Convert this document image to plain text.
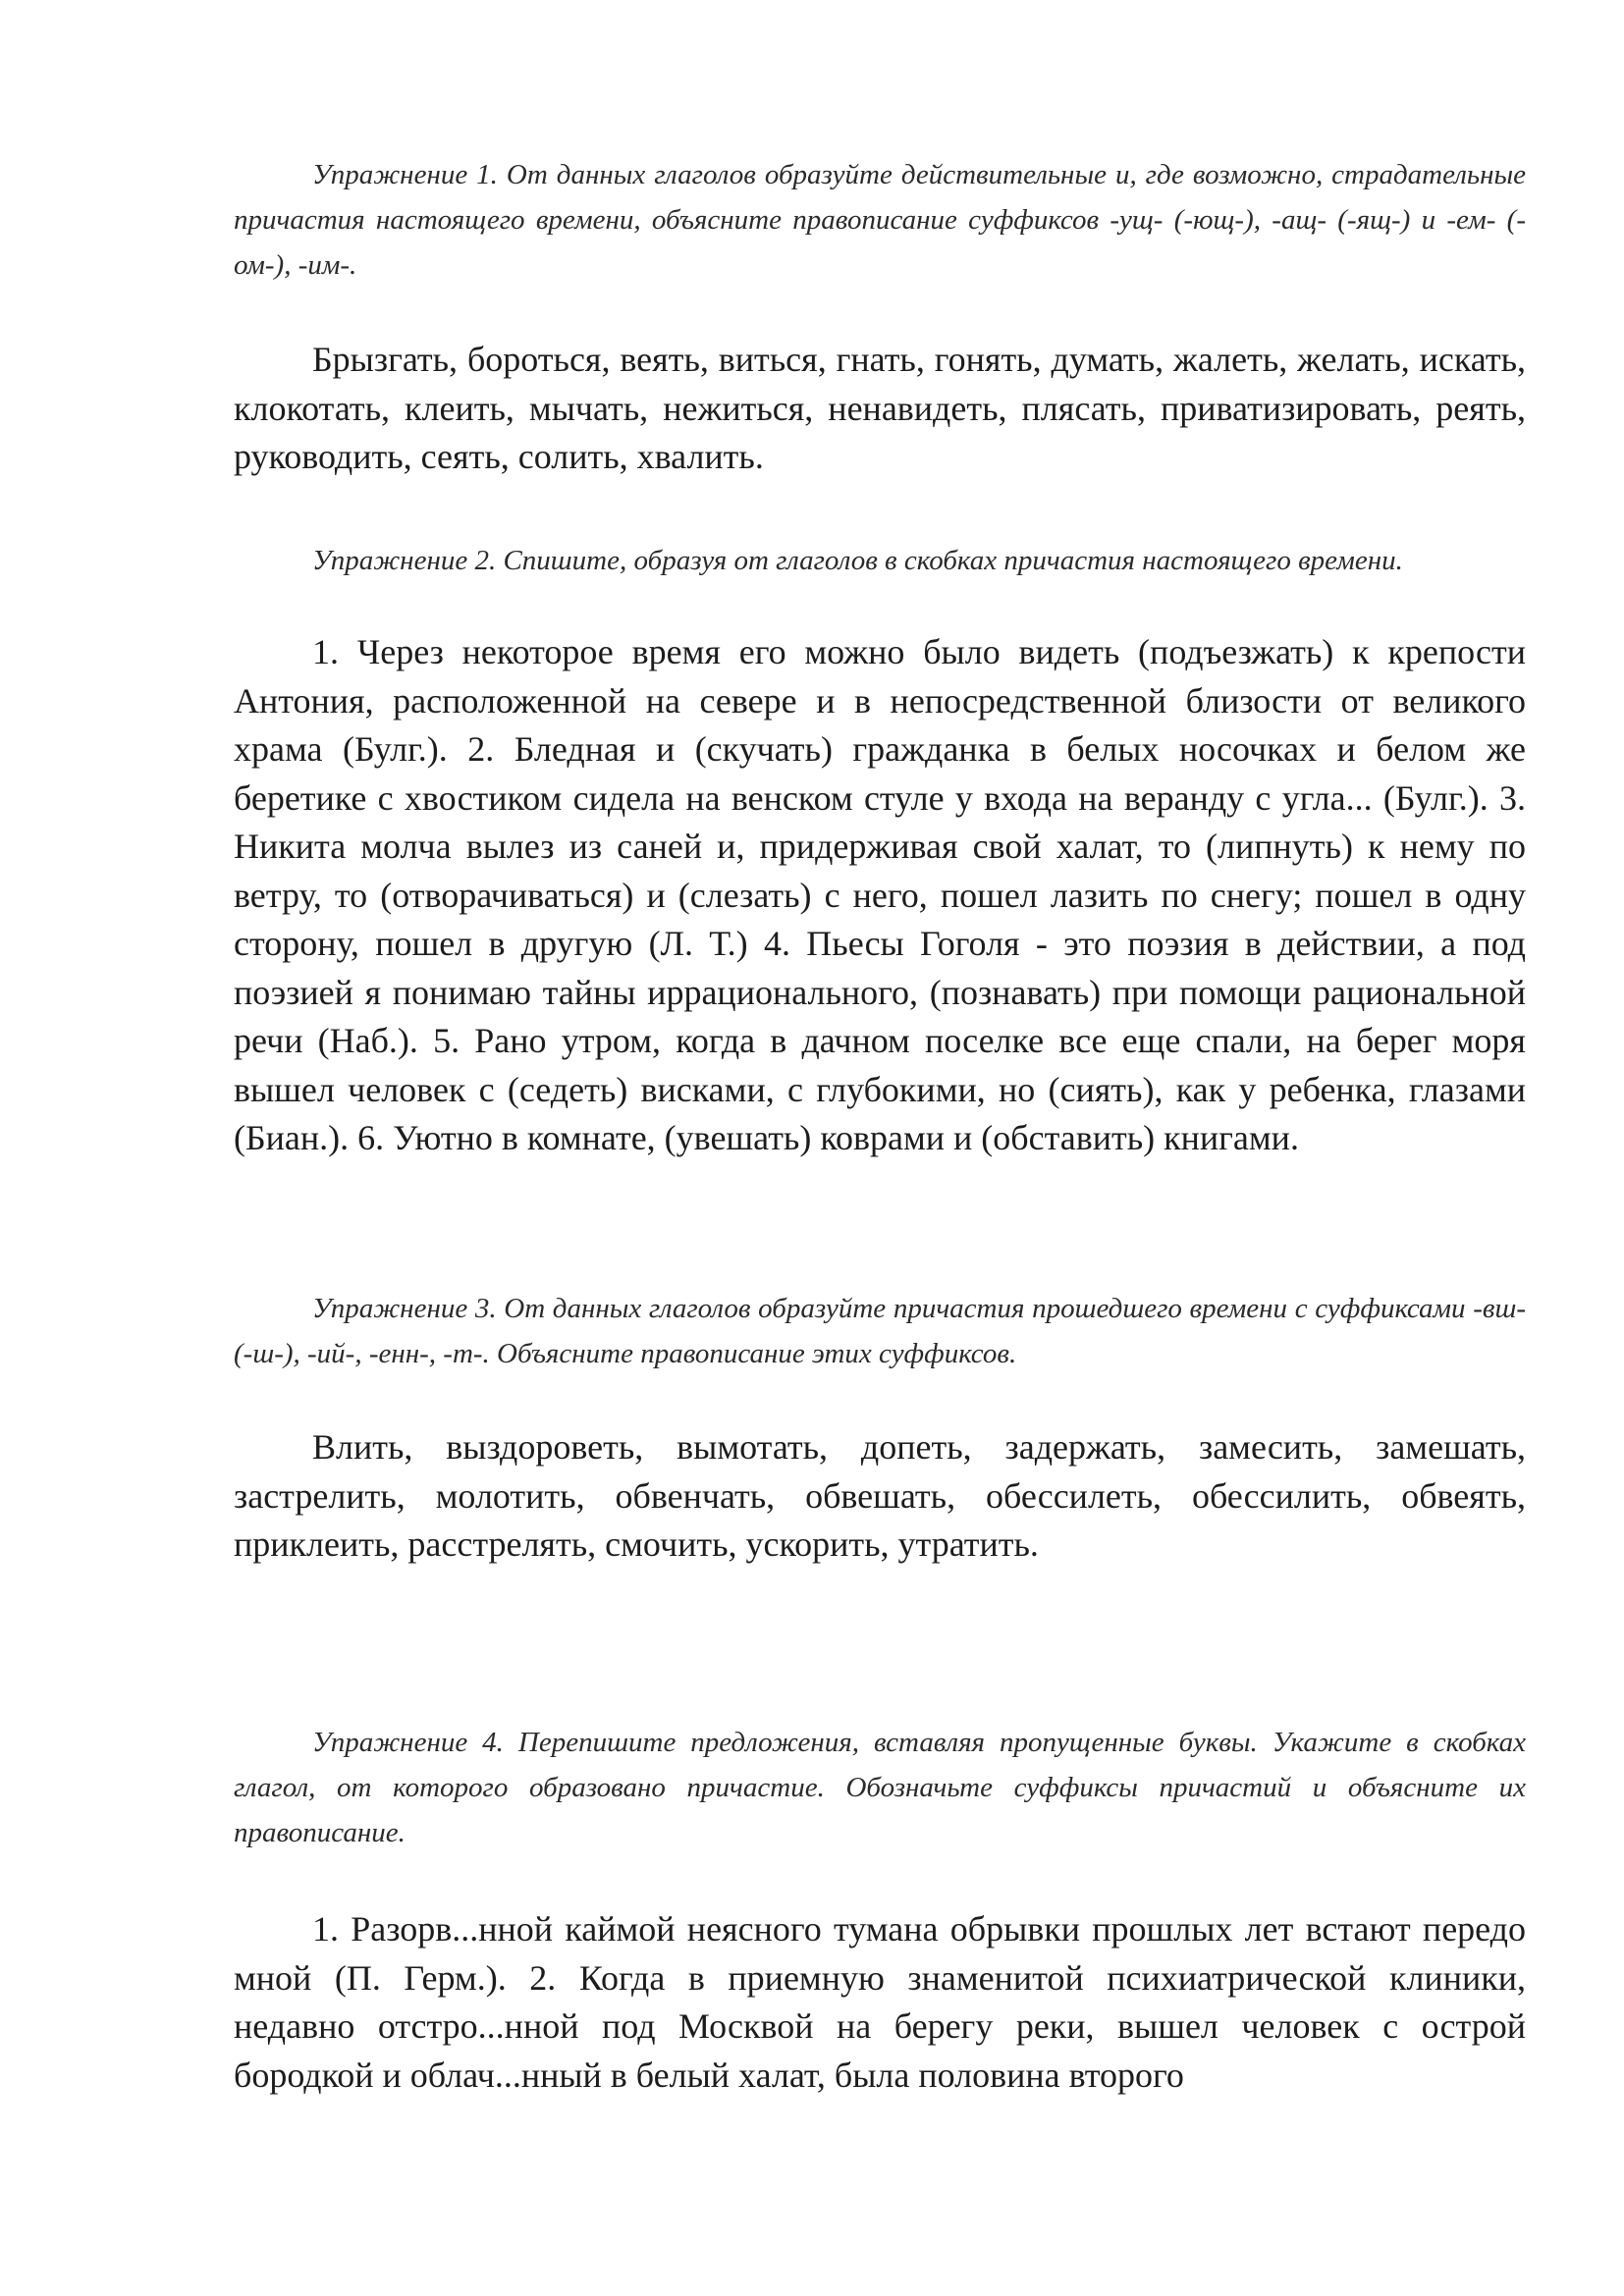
Упражнение 1. От данных глаголов образуйте действительные и, где возможно, страдательные причастия настоящего времени, объясните правописание суффиксов -ущ- (-ющ-), -ащ- (-ящ-) и -ем- (-ом-), -им-.

Брызгать, бороться, веять, виться, гнать, гонять, думать, жалеть, желать, искать, клокотать, клеить, мычать, нежиться, ненавидеть, плясать, приватизировать, реять, руководить, сеять, солить, хвалить.

Упражнение 2. Спишите, образуя от глаголов в скобках причастия настоящего времени.

1. Через некоторое время его можно было видеть (подъезжать) к крепости Антония, расположенной на севере и в непосредственной близости от великого храма (Булг.). 2. Бледная и (скучать) гражданка в белых носочках и белом же беретике с хвостиком сидела на венском стуле у входа на веранду с угла... (Булг.). 3. Никита молча вылез из саней и, придерживая свой халат, то (липнуть) к нему по ветру, то (отворачиваться) и (слезать) с него, пошел лазить по снегу; пошел в одну сторону, пошел в другую (Л. Т.) 4. Пьесы Гоголя - это поэзия в действии, а под поэзией я понимаю тайны иррационального, (познавать) при помощи рациональной речи (Наб.). 5. Рано утром, когда в дачном поселке все еще спали, на берег моря вышел человек с (седеть) висками, с глубокими, но (сиять), как у ребенка, глазами (Биан.). 6. Уютно в комнате, (увешать) коврами и (обставить) книгами.

Упражнение 3. От данных глаголов образуйте причастия прошедшего времени с суффиксами -вш- (-ш-), -ий-, -енн-, -т-. Объясните правописание этих суффиксов.

Влить, выздороветь, вымотать, допеть, задержать, замесить, замешать, застрелить, молотить, обвенчать, обвешать, обессилеть, обессилить, обвеять, приклеить, расстрелять, смочить, ускорить, утратить.

Упражнение 4. Перепишите предложения, вставляя пропущенные буквы. Укажите в скобках глагол, от которого образовано причастие. Обозначьте суффиксы причастий и объясните их правописание.

1. Разорв...нной каймой неясного тумана обрывки прошлых лет встают передо мной (П. Герм.). 2. Когда в приемную знаменитой психиатрической клиники, недавно отстро...нной под Москвой на берегу реки, вышел человек с острой бородкой и облач...нный в белый халат, была половина второго
